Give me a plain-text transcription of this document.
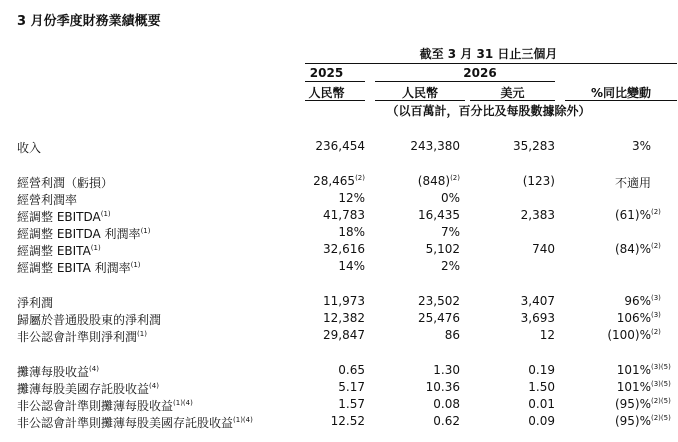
3 月份季度財務業績概要
截至 3 月 31 日止三個月
2025	2026
人民幣	人民幣	美元	%同比變動
（以百萬計，百分比及每股數據除外）
收入	236,454	243,380	35,283	3%
經營利潤（虧損）	28,465$^{(2)}$	$(848)^{(2)}$	(123)	不適用
經營利潤率	12%	0%
經調整 EBITDA$^{(1)}$	41,783	16,435	2,383	(61)%(2)
經調整 EBITDA 利潤率$^{(1)}$	18%	7%
經調整 EBITA$^{(1)}$	32,616	5,102	740	(84)%(2)
經調整 EBITA 利潤率$^{(1)}$	14%	2%
淨利潤	11,973	23,502	3,407	96%(3)
歸屬於普通股股東的淨利潤	12,382	25,476	3,693	106%(3)
非公認會計準則淨利潤$^{(1)}$	29,847	86	12	(100)%(2)
攤薄每股收益$^{(4)}$	0.65	1.30	0.19	101%(3)(5)
攤薄每股美國存託股收益$^{(4)}$	5.17	10.36	1.50	101%(3)(5)
非公認會計準則攤薄每股收益$^{(1)(4)}$	1.57	0.08	0.01	(95)%(2)(5)
非公認會計準則攤薄每股美國存託股收益$^{(1)(4)}$	12.52	0.62	0.09	(95)%(2)(5)
